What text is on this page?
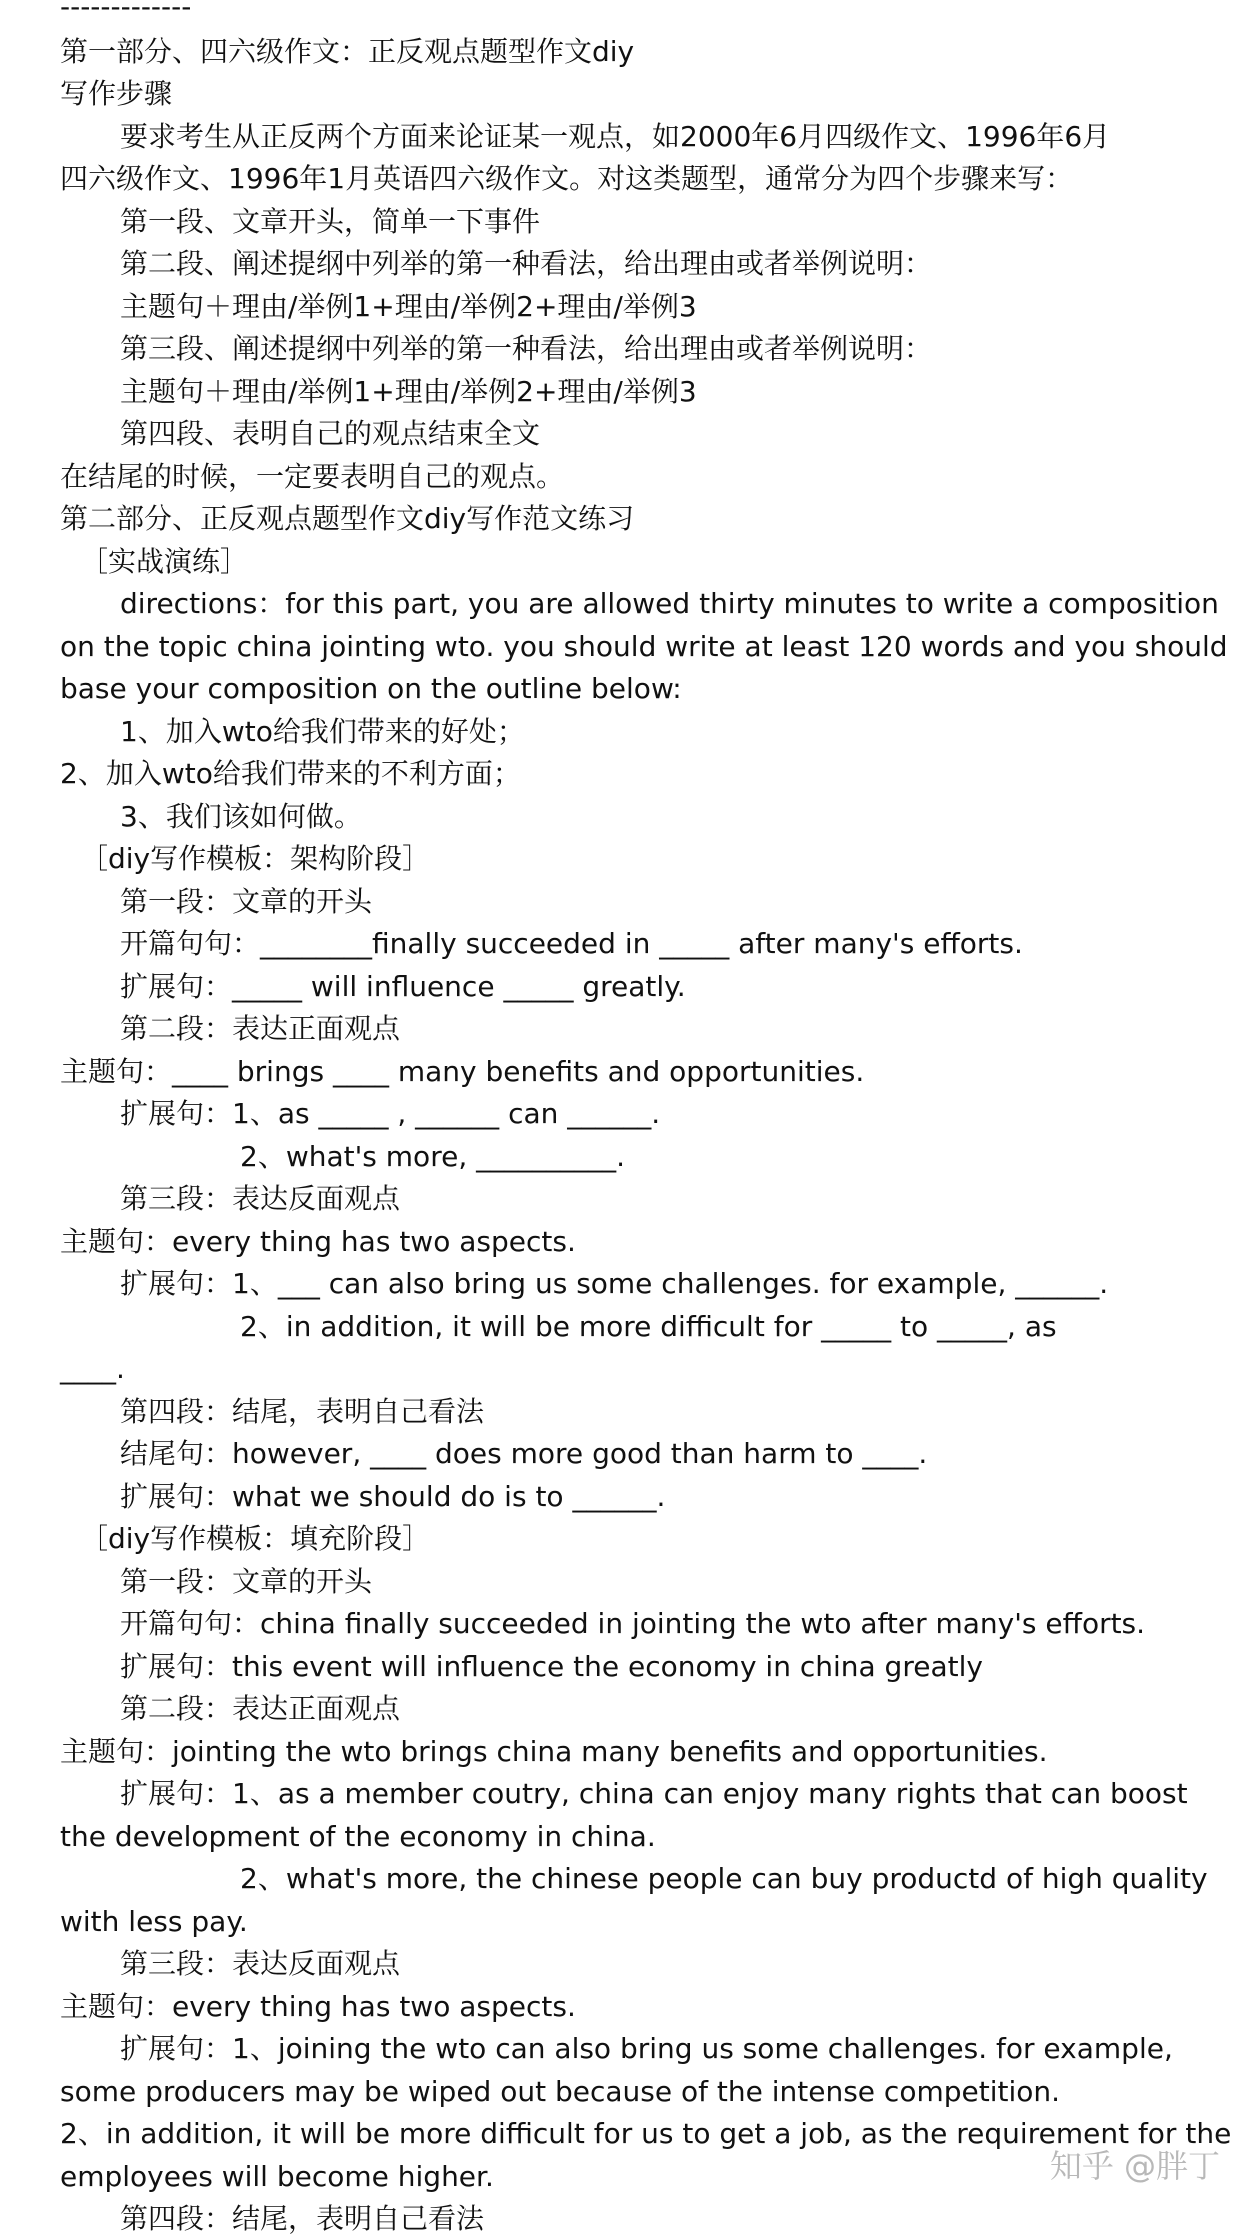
-------------
第一部分、四六级作文：正反观点题型作文diy
写作步骤
要求考生从正反两个方面来论证某一观点，如2000年6月四级作文、1996年6月
四六级作文、1996年1月英语四六级作文。对这类题型，通常分为四个步骤来写：
第一段、文章开头，简单一下事件
第二段、阐述提纲中列举的第一种看法，给出理由或者举例说明：
主题句＋理由/举例1+理由/举例2+理由/举例3
第三段、阐述提纲中列举的第一种看法，给出理由或者举例说明：
主题句＋理由/举例1+理由/举例2+理由/举例3
第四段、表明自己的观点结束全文
在结尾的时候，一定要表明自己的观点。
第二部分、正反观点题型作文diy写作范文练习
［实战演练］
directions：for this part, you are allowed thirty minutes to write a composition
on the topic china jointing wto. you should write at least 120 words and you should
base your composition on the outline below:
1、加入wto给我们带来的好处；
2、加入wto给我们带来的不利方面；
3、我们该如何做。
［diy写作模板：架构阶段］
第一段：文章的开头
开篇句句：________finally succeeded in _____ after many's efforts.
扩展句：_____ will influence _____ greatly.
第二段：表达正面观点
主题句：____ brings ____ many benefits and opportunities.
扩展句：1、as _____ , ______ can ______.
2、what's more, __________.
第三段：表达反面观点
主题句：every thing has two aspects.
扩展句：1、___ can also bring us some challenges. for example, ______.
2、in addition, it will be more difficult for _____ to _____, as
____.
第四段：结尾，表明自己看法
结尾句：however, ____ does more good than harm to ____.
扩展句：what we should do is to ______.
［diy写作模板：填充阶段］
第一段：文章的开头
开篇句句：china finally succeeded in jointing the wto after many's efforts.
扩展句：this event will influence the economy in china greatly
第二段：表达正面观点
主题句：jointing the wto brings china many benefits and opportunities.
扩展句：1、as a member coutry, china can enjoy many rights that can boost
the development of the economy in china.
2、what's more, the chinese people can buy productd of high quality
with less pay.
第三段：表达反面观点
主题句：every thing has two aspects.
扩展句：1、joining the wto can also bring us some challenges. for example,
some producers may be wiped out because of the intense competition.
2、in addition, it will be more difficult for us to get a job, as the requirement for the
employees will become higher.
第四段：结尾，表明自己看法
知乎 @胖丁
